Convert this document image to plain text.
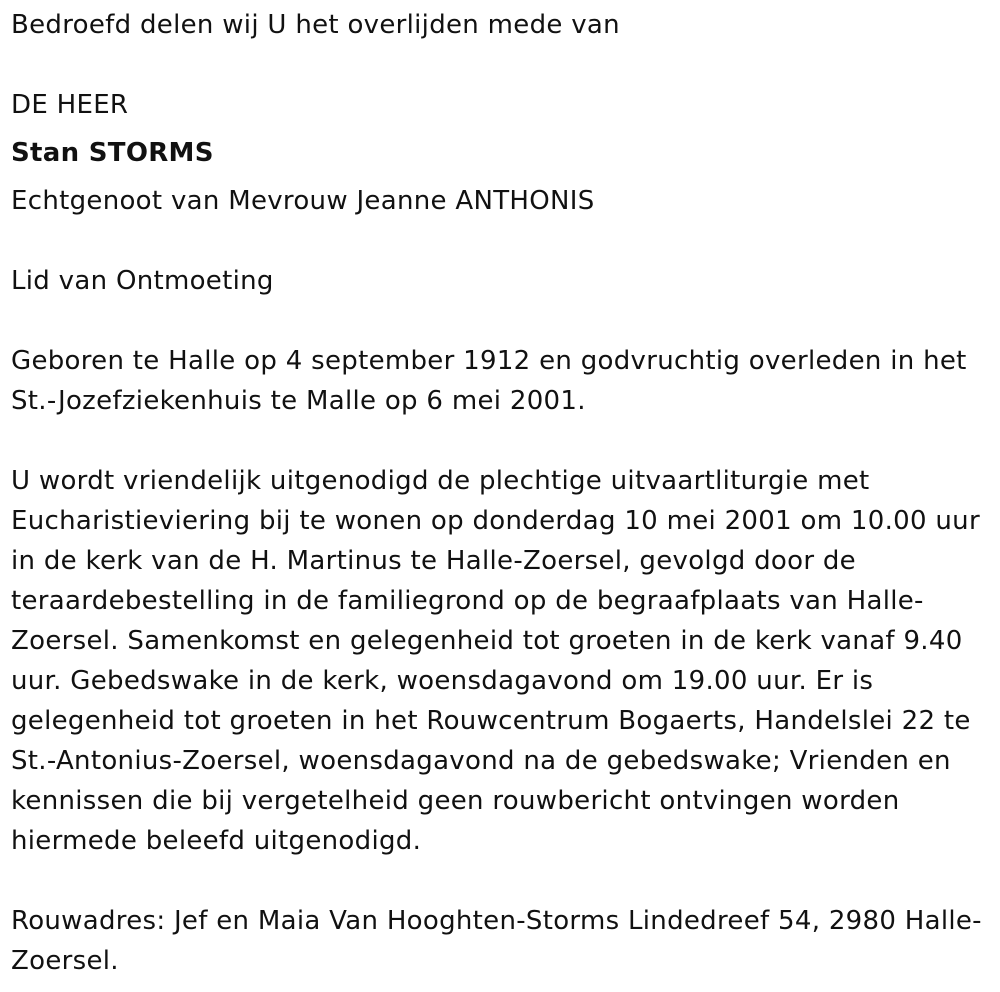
Bedroefd delen wij U het overlijden mede van
DE HEER
Stan STORMS
Echtgenoot van Mevrouw Jeanne ANTHONIS
Lid van Ontmoeting
Geboren te Halle op 4 september 1912 en godvruchtig overleden in het
St.-Jozefziekenhuis te Malle op 6 mei 2001.
U wordt vriendelijk uitgenodigd de plechtige uitvaartliturgie met
Eucharistieviering bij te wonen op donderdag 10 mei 2001 om 10.00 uur
in de kerk van de H. Martinus te Halle-Zoersel, gevolgd door de
teraardebestelling in de familiegrond op de begraafplaats van Halle-
Zoersel. Samenkomst en gelegenheid tot groeten in de kerk vanaf 9.40
uur. Gebedswake in de kerk, woensdagavond om 19.00 uur. Er is
gelegenheid tot groeten in het Rouwcentrum Bogaerts, Handelslei 22 te
St.-Antonius-Zoersel, woensdagavond na de gebedswake; Vrienden en
kennissen die bij vergetelheid geen rouwbericht ontvingen worden
hiermede beleefd uitgenodigd.
Rouwadres: Jef en Maia Van Hooghten-Storms Lindedreef 54, 2980 Halle-
Zoersel.
